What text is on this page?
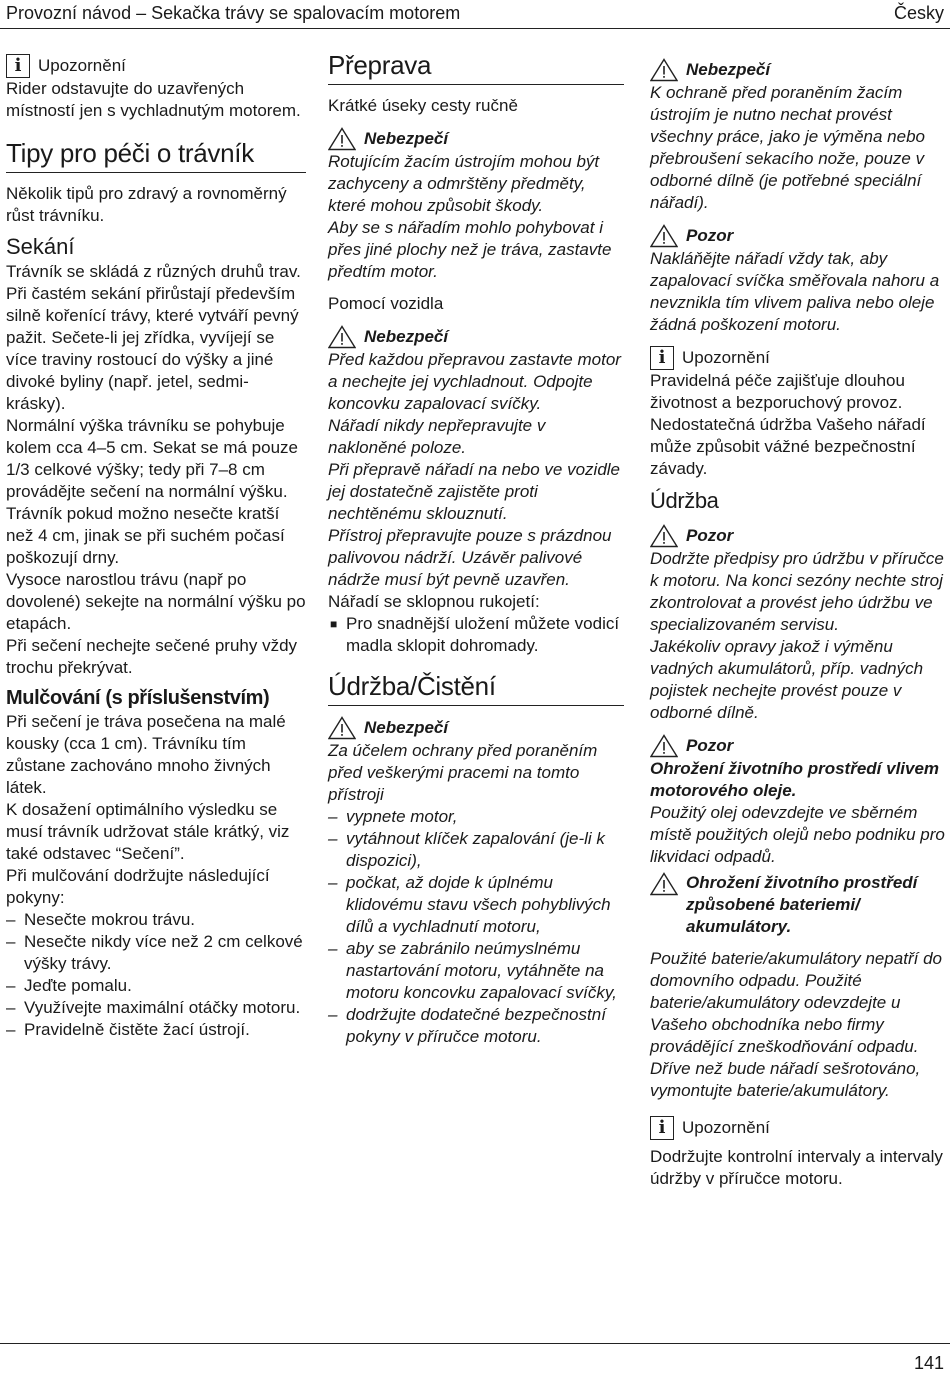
Provozní návod – Sekačka trávy se spalovacím motorem	Česky
i Upozornění

Rider odstavujte do uzavřených místností jen s vychladnutým motorem.

Tipy pro péči o trávník

Několik tipů pro zdravý a rovnoměrný růst trávníku.

Sekání

Trávník se skládá z různých druhů trav. Při častém sekání přirůstají především silně kořenící trávy, které vytváří pevný pažit. Sečete-li jej zřídka, vyvíjejí se více traviny rostoucí do výšky a jiné divoké byliny (např. jetel, sedmi-krásky).

Normální výška trávníku se pohybuje kolem cca 4–5 cm. Sekat se má pouze 1/3 celkové výšky; tedy při 7–8 cm provádějte sečení na normální výšku.

Trávník pokud možno nesečte kratší než 4 cm, jinak se při suchém počasí poškozují drny.

Vysoce narostlou trávu (např po dovolené) sekejte na normální výšku po etapách.

Při sečení nechejte sečené pruhy vždy trochu překrývat.

Mulčování (s příslušenstvím)

Při sečení je tráva posečena na malé kousky (cca 1 cm). Trávníku tím zůstane zachováno mnoho živných látek.

K dosažení optimálního výsledku se musí trávník udržovat stále krátký, viz také odstavec “Sečení”.

Při mulčování dodržujte následující pokyny:

– Nesečte mokrou trávu.
– Nesečte nikdy více než 2 cm celkové výšky trávy.
– Jeďte pomalu.
– Využívejte maximální otáčky motoru.
– Pravidelně čistěte žací ústrojí.
Přeprava
Krátké úseky cesty ručně
Nebezpečí

Rotujícím žacím ústrojím mohou být zachyceny a odmrštěny předměty, které mohou způsobit škody.

Aby se s nářadím mohlo pohybovat i přes jiné plochy než je tráva, zastavte předtím motor.

Pomocí vozidla
Nebezpečí

Před každou přepravou zastavte motor a nechejte jej vychladnout. Odpojte koncovku zapalovací svíčky.

Nářadí nikdy nepřepravujte v nakloněné poloze.

Při přepravě nářadí na nebo ve vozidle jej dostatečně zajistěte proti nechtěnému sklouznutí.

Přístroj přepravujte pouze s prázdnou palivovou nádrží. Uzávěr palivové nádrže musí být pevně uzavřen.

Nářadí se sklopnou rukojetí:

■ Pro snadnější uložení můžete vodicí madla sklopit dohromady.
Údržba/Čistění
Nebezpečí

Za účelem ochrany před poraněním před veškerými pracemi na tomto přístroji

– vypnete motor,
– vytáhnout klíček zapalování (je-li k dispozici),
– počkat, až dojde k úplnému klidovému stavu všech pohyblivých dílů a vychladnutí motoru,
– aby se zabránilo neúmyslnému nastartování motoru, vytáhněte na motoru koncovku zapalovací svíčky,
– dodržujte dodatečné bezpečnostní pokyny v příručce motoru.
Nebezpečí

K ochraně před poraněním žacím ústrojím je nutno nechat provést všechny práce, jako je výměna nebo přebroušení sekacího nože, pouze v odborné dílně (je potřebné speciální nářadí).

Pozor

Nakláňějte nářadí vždy tak, aby zapalovací svíčka směřovala nahoru a nevznikla tím vlivem paliva nebo oleje žádná poškození motoru.

i Upozornění

Pravidelná péče zajišťuje dlouhou životnost a bezporuchový provoz. Nedostatečná údržba Vašeho nářadí může způsobit vážné bezpečnostní závady.

Údržba
Pozor

Dodržte předpisy pro údržbu v příručce k motoru. Na konci sezóny nechte stroj zkontrolovat a provést jeho údržbu ve specializovaném servisu.

Jakékoliv opravy jakož i výměnu vadných akumulátorů, příp. vadných pojistek nechejte provést pouze v odborné dílně.

Pozor

Ohrožení životního prostředí vlivem motorového oleje.

Použitý olej odevzdejte ve sběrném místě použitých olejů nebo podniku pro likvidaci odpadů.

Ohrožení životního prostředí způsobené bateriemi/ akumulátory.

Použité baterie/akumulátory nepatří do domovního odpadu. Použité baterie/akumulátory odevzdejte u Vašeho obchodníka nebo firmy provádějící zneškodňování odpadu. Dříve než bude nářadí sešrotováno, vymontujte baterie/akumulátory.

i Upozornění

Dodržujte kontrolní intervaly a intervaly údržby v příručce motoru.

141
